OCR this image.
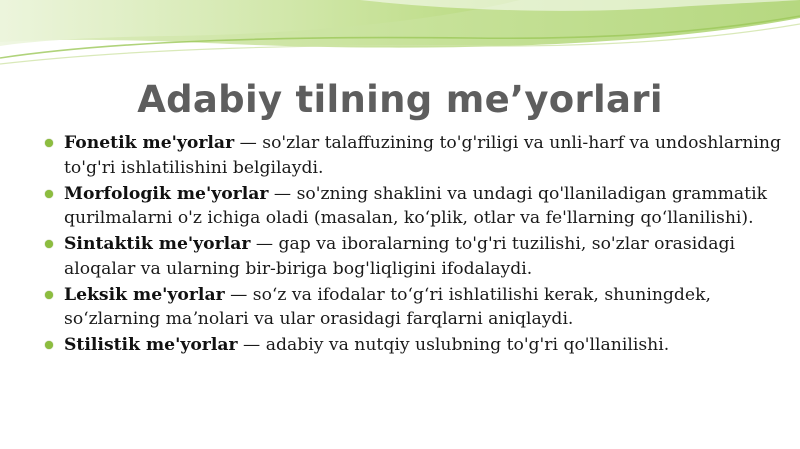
Adabiy tilning me’yorlari
Fonetik me'yorlar — so'zlar talaffuzining to'g'riligi va unli-harf va undoshlarning to'g'ri ishlatilishini belgilaydi.
Morfologik me'yorlar — so'zning shaklini va undagi qo'llaniladigan grammatik qurilmalarni o'z ichiga oladi (masalan, koʻplik, otlar va fe'llarning qoʻllanilishi).
Sintaktik me'yorlar — gap va iboralarning to'g'ri tuzilishi, so'zlar orasidagi aloqalar va ularning bir-biriga bog'liqligini ifodalaydi.
Leksik me'yorlar — soʻz va ifodalar toʻgʻri ishlatilishi kerak, shuningdek, soʻzlarning maʼnolari va ular orasidagi farqlarni aniqlaydi.
Stilistik me'yorlar — adabiy va nutqiy uslubning to'g'ri qo'llanilishi.
